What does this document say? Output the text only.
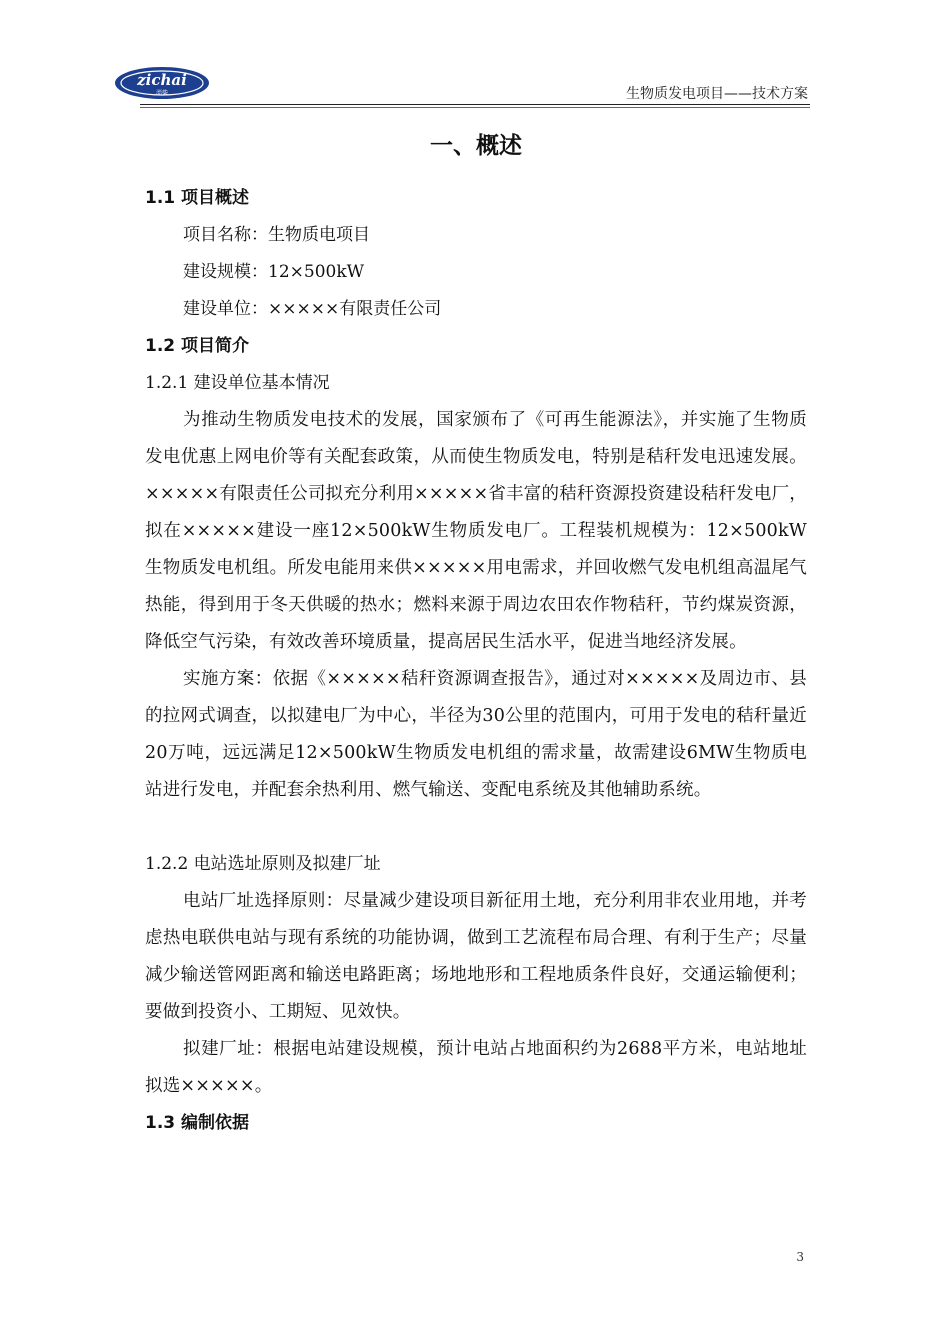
zichai
淄柴	生物质发电项目——技术方案
一、概述
1.1 项目概述
项目名称：生物质电项目
建设规模：12×500kW
建设单位：×××××有限责任公司
1.2 项目简介
1.2.1 建设单位基本情况

为推动生物质发电技术的发展，国家颁布了《可再生能源法》，并实施了生物质发电优惠上网电价等有关配套政策，从而使生物质发电，特别是秸秆发电迅速发展。×××××有限责任公司拟充分利用×××××省丰富的秸秆资源投资建设秸秆发电厂，拟在×××××建设一座12×500kW生物质发电厂。工程装机规模为：12×500kW生物质发电机组。所发电能用来供×××××用电需求，并回收燃气发电机组高温尾气热能，得到用于冬天供暖的热水；燃料来源于周边农田农作物秸秆，节约煤炭资源，降低空气污染，有效改善环境质量，提高居民生活水平，促进当地经济发展。

实施方案：依据《×××××秸秆资源调查报告》，通过对×××××及周边市、县的拉网式调查，以拟建电厂为中心，半径为30公里的范围内，可用于发电的秸秆量近20万吨，远远满足12×500kW生物质发电机组的需求量，故需建设6MW生物质电站进行发电，并配套余热利用、燃气输送、变配电系统及其他辅助系统。

1.2.2 电站选址原则及拟建厂址

电站厂址选择原则：尽量减少建设项目新征用土地，充分利用非农业用地，并考虑热电联供电站与现有系统的功能协调，做到工艺流程布局合理、有利于生产；尽量减少输送管网距离和输送电路距离；场地地形和工程地质条件良好，交通运输便利；要做到投资小、工期短、见效快。

拟建厂址：根据电站建设规模，预计电站占地面积约为2688平方米，电站地址拟选×××××。

1.3 编制依据
3
